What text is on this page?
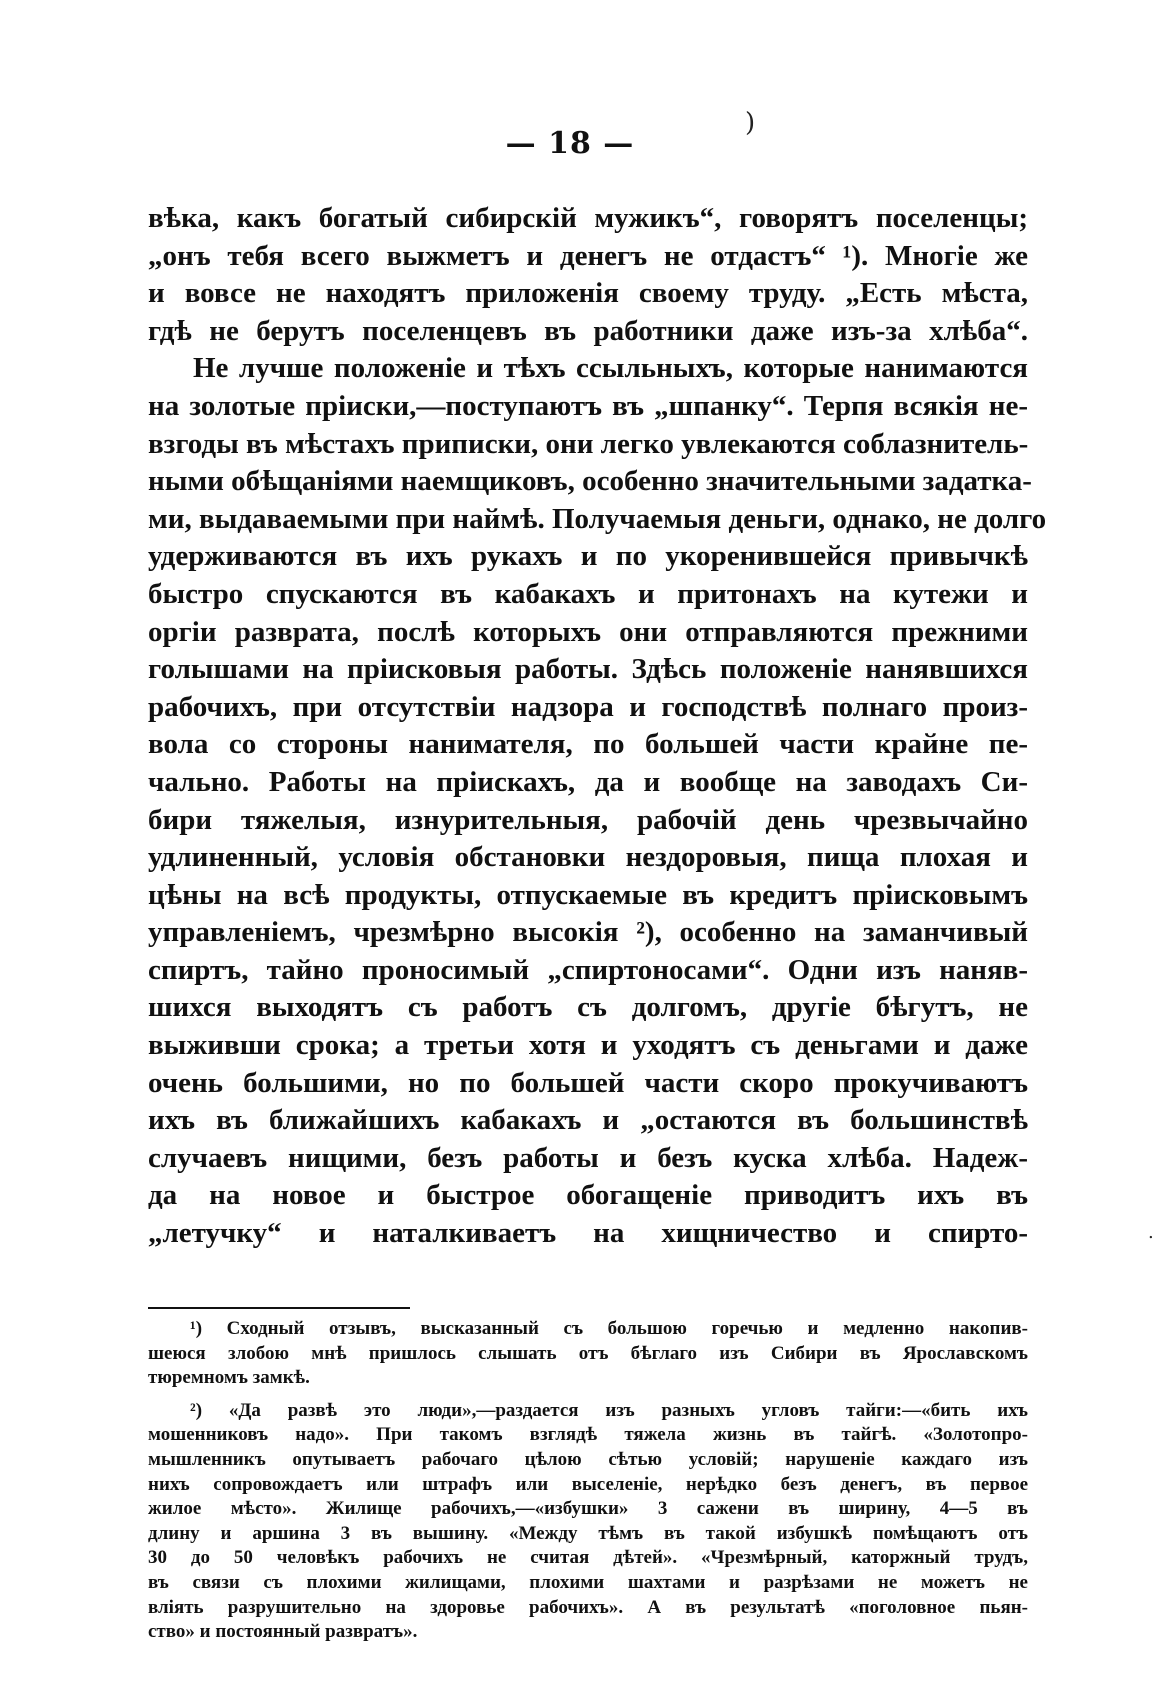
— 18 —
)
.
вѣка, какъ богатый сибирскій мужикъ“, говорятъ поселенцы;
„онъ тебя всего выжметъ и денегъ не отдастъ“ ¹). Многіе же
и вовсе не находятъ приложенія своему труду. „Есть мѣста,
гдѣ не берутъ поселенцевъ въ работники даже изъ-за хлѣба“.
Не лучше положеніе и тѣхъ ссыльныхъ, которые нанимаются
на золотые пріиски,—поступаютъ въ „шпанку“. Терпя всякія не-
взгоды въ мѣстахъ приписки, они легко увлекаются соблазнитель-
ными обѣщаніями наемщиковъ, особенно значительными задатка-
ми, выдаваемыми при наймѣ. Получаемыя деньги, однако, не долго
удерживаются въ ихъ рукахъ и по укоренившейся привычкѣ
быстро спускаются въ кабакахъ и притонахъ на кутежи и
оргіи разврата, послѣ которыхъ они отправляются прежними
голышами на пріисковыя работы. Здѣсь положеніе нанявшихся
рабочихъ, при отсутствіи надзора и господствѣ полнаго произ-
вола со стороны нанимателя, по большей части крайне пе-
чально. Работы на пріискахъ, да и вообще на заводахъ Си-
бири тяжелыя, изнурительныя, рабочій день чрезвычайно
удлиненный, условія обстановки нездоровыя, пища плохая и
цѣны на всѣ продукты, отпускаемые въ кредитъ пріисковымъ
управленіемъ, чрезмѣрно высокія ²), особенно на заманчивый
спиртъ, тайно проносимый „спиртоносами“. Одни изъ наняв-
шихся выходятъ съ работъ съ долгомъ, другіе бѣгутъ, не
выживши срока; а третьи хотя и уходятъ съ деньгами и даже
очень большими, но по большей части скоро прокучиваютъ
ихъ въ ближайшихъ кабакахъ и „остаются въ большинствѣ
случаевъ нищими, безъ работы и безъ куска хлѣба. Надеж-
да на новое и быстрое обогащеніе приводитъ ихъ въ
„летучку“ и наталкиваетъ на хищничество и спирто-
¹) Сходный отзывъ, высказанный съ большою горечью и медленно накопив-
шеюся злобою мнѣ пришлось слышать отъ бѣглаго изъ Сибири въ Ярославскомъ
тюремномъ замкѣ.
²) «Да развѣ это люди»,—раздается изъ разныхъ угловъ тайги:—«бить ихъ
мошенниковъ надо». При такомъ взглядѣ тяжела жизнь въ тайгѣ. «Золотопро-
мышленникъ опутываетъ рабочаго цѣлою сѣтью условій; нарушеніе каждаго изъ
нихъ сопровождаетъ или штрафъ или выселеніе, нерѣдко безъ денегъ, въ первое
жилое мѣсто». Жилище рабочихъ,—«избушки» 3 сажени въ ширину, 4—5 въ
длину и аршина 3 въ вышину. «Между тѣмъ въ такой избушкѣ помѣщаютъ отъ
30 до 50 человѣкъ рабочихъ не считая дѣтей». «Чрезмѣрный, каторжный трудъ,
въ связи съ плохими жилищами, плохими шахтами и разрѣзами не можетъ не
вліять разрушительно на здоровье рабочихъ». А въ результатѣ «поголовное пьян-
ство» и постоянный развратъ».
